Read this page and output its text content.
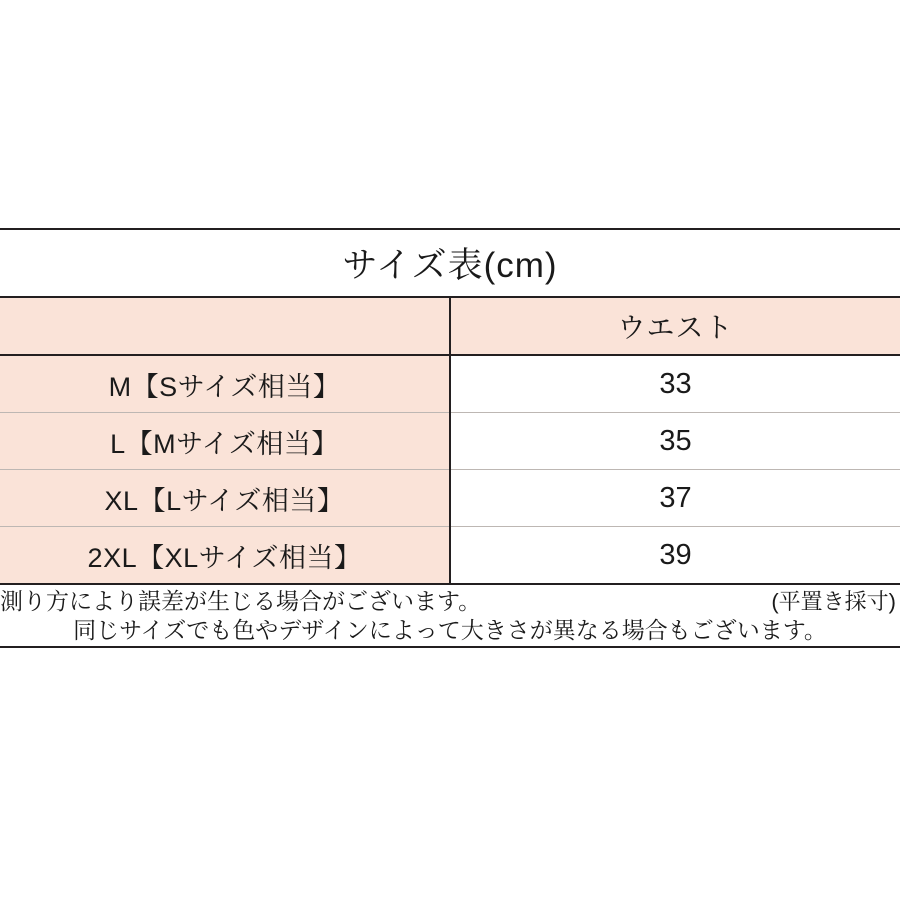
サイズ表(cm)	
	ウエスト
M【Sサイズ相当】	33
L【Mサイズ相当】	35
XL【Lサイズ相当】	37
2XL【XLサイズ相当】	39

測り方により誤差が生じる場合がございます。 (平置き採寸)
同じサイズでも色やデザインによって大きさが異なる場合もございます。	
